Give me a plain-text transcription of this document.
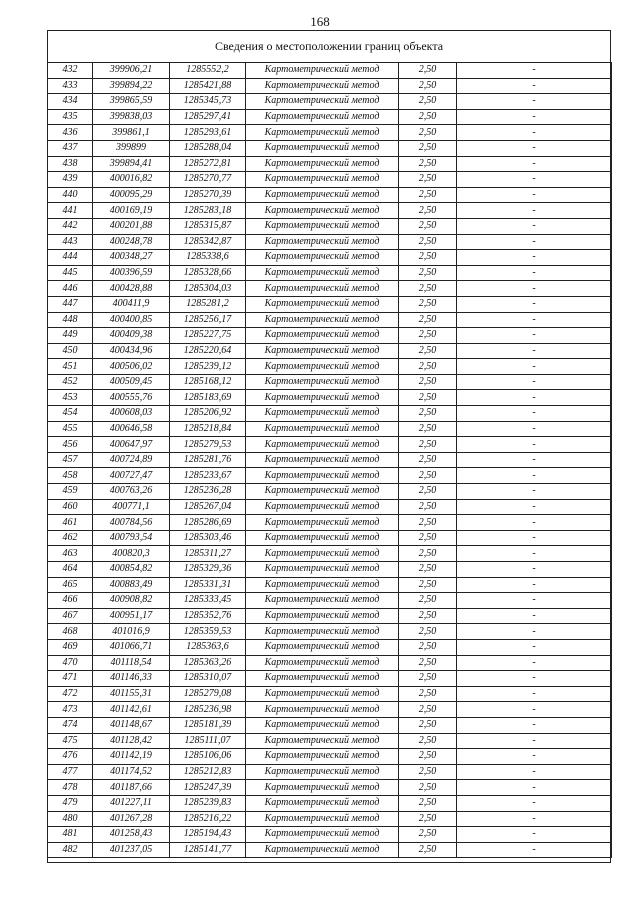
168
Сведения о местоположении границ объекта
432	399906,21	1285552,2	Картометрический метод	2,50	-
433	399894,22	1285421,88	Картометрический метод	2,50	-
434	399865,59	1285345,73	Картометрический метод	2,50	-
435	399838,03	1285297,41	Картометрический метод	2,50	-
436	399861,1	1285293,61	Картометрический метод	2,50	-
437	399899	1285288,04	Картометрический метод	2,50	-
438	399894,41	1285272,81	Картометрический метод	2,50	-
439	400016,82	1285270,77	Картометрический метод	2,50	-
440	400095,29	1285270,39	Картометрический метод	2,50	-
441	400169,19	1285283,18	Картометрический метод	2,50	-
442	400201,88	1285315,87	Картометрический метод	2,50	-
443	400248,78	1285342,87	Картометрический метод	2,50	-
444	400348,27	1285338,6	Картометрический метод	2,50	-
445	400396,59	1285328,66	Картометрический метод	2,50	-
446	400428,88	1285304,03	Картометрический метод	2,50	-
447	400411,9	1285281,2	Картометрический метод	2,50	-
448	400400,85	1285256,17	Картометрический метод	2,50	-
449	400409,38	1285227,75	Картометрический метод	2,50	-
450	400434,96	1285220,64	Картометрический метод	2,50	-
451	400506,02	1285239,12	Картометрический метод	2,50	-
452	400509,45	1285168,12	Картометрический метод	2,50	-
453	400555,76	1285183,69	Картометрический метод	2,50	-
454	400608,03	1285206,92	Картометрический метод	2,50	-
455	400646,58	1285218,84	Картометрический метод	2,50	-
456	400647,97	1285279,53	Картометрический метод	2,50	-
457	400724,89	1285281,76	Картометрический метод	2,50	-
458	400727,47	1285233,67	Картометрический метод	2,50	-
459	400763,26	1285236,28	Картометрический метод	2,50	-
460	400771,1	1285267,04	Картометрический метод	2,50	-
461	400784,56	1285286,69	Картометрический метод	2,50	-
462	400793,54	1285303,46	Картометрический метод	2,50	-
463	400820,3	1285311,27	Картометрический метод	2,50	-
464	400854,82	1285329,36	Картометрический метод	2,50	-
465	400883,49	1285331,31	Картометрический метод	2,50	-
466	400908,82	1285333,45	Картометрический метод	2,50	-
467	400951,17	1285352,76	Картометрический метод	2,50	-
468	401016,9	1285359,53	Картометрический метод	2,50	-
469	401066,71	1285363,6	Картометрический метод	2,50	-
470	401118,54	1285363,26	Картометрический метод	2,50	-
471	401146,33	1285310,07	Картометрический метод	2,50	-
472	401155,31	1285279,08	Картометрический метод	2,50	-
473	401142,61	1285236,98	Картометрический метод	2,50	-
474	401148,67	1285181,39	Картометрический метод	2,50	-
475	401128,42	1285111,07	Картометрический метод	2,50	-
476	401142,19	1285106,06	Картометрический метод	2,50	-
477	401174,52	1285212,83	Картометрический метод	2,50	-
478	401187,66	1285247,39	Картометрический метод	2,50	-
479	401227,11	1285239,83	Картометрический метод	2,50	-
480	401267,28	1285216,22	Картометрический метод	2,50	-
481	401258,43	1285194,43	Картометрический метод	2,50	-
482	401237,05	1285141,77	Картометрический метод	2,50	-
